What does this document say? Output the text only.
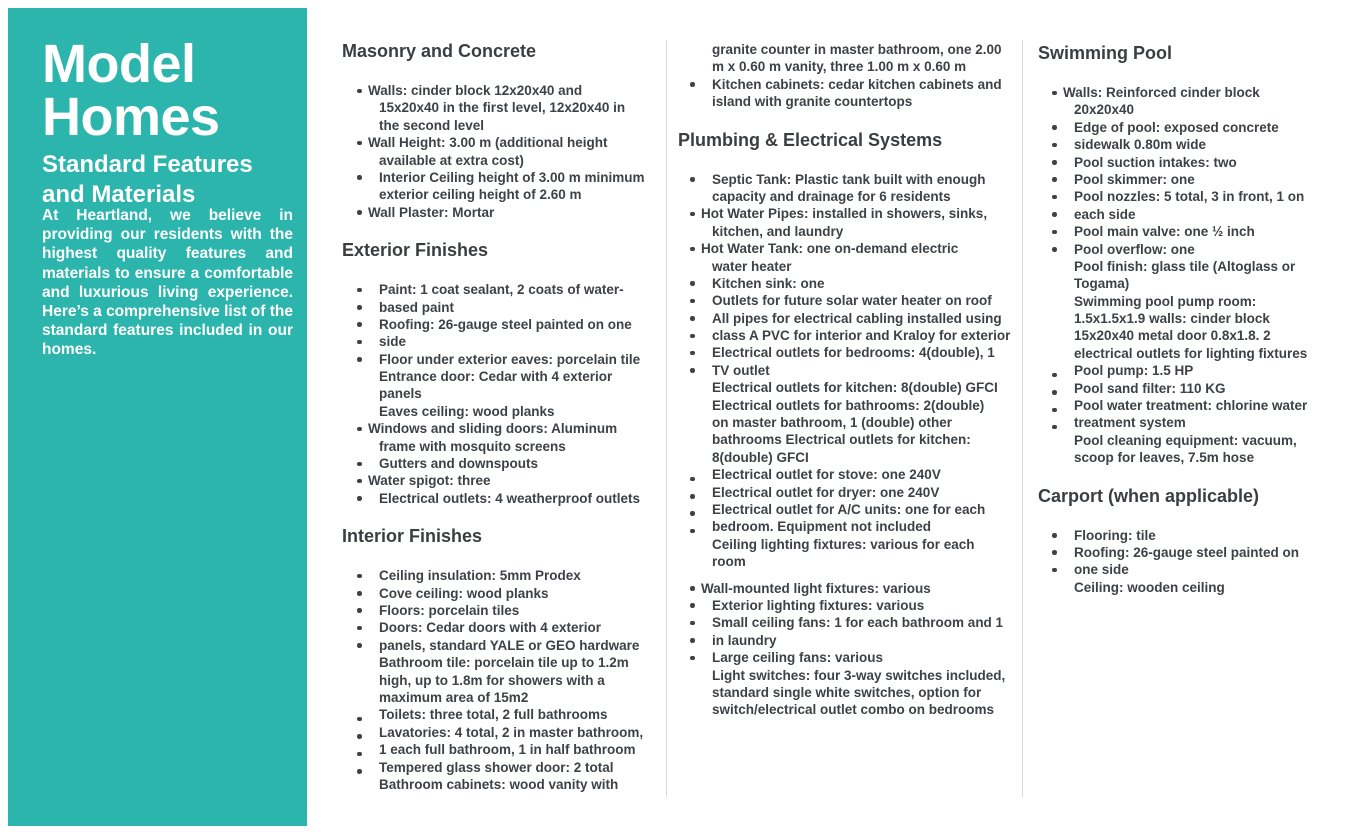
Model
Homes
Standard Features and Materials
At Heartland, we believe in providing our residents with the highest quality features and materials to ensure a comfortable and luxurious living experience. Here’s a comprehensive list of the standard features included in our homes.
Masonry and Concrete
Walls: cinder block 12x20x40 and
15x20x40 in the first level, 12x20x40 in
the second level
Wall Height: 3.00 m (additional height
available at extra cost)
Interior Ceiling height of 3.00 m minimum
exterior ceiling height of 2.60 m
Wall Plaster: Mortar
Exterior Finishes
Paint: 1 coat sealant, 2 coats of water-
based paint
Roofing: 26-gauge steel painted on one
side
Floor under exterior eaves: porcelain tile
Entrance door: Cedar with 4 exterior
panels
Eaves ceiling: wood planks
Windows and sliding doors: Aluminum
frame with mosquito screens
Gutters and downspouts
Water spigot: three
Electrical outlets: 4 weatherproof outlets
Interior Finishes
Ceiling insulation: 5mm Prodex
Cove ceiling: wood planks
Floors: porcelain tiles
Doors: Cedar doors with 4 exterior
panels, standard YALE or GEO hardware
Bathroom tile: porcelain tile up to 1.2m
high, up to 1.8m for showers with a
maximum area of 15m2
Toilets: three total, 2 full bathrooms
Lavatories: 4 total, 2 in master bathroom,
1 each full bathroom, 1 in half bathroom
Tempered glass shower door: 2 total
Bathroom cabinets: wood vanity with
granite counter in master bathroom, one 2.00
m x 0.60 m vanity, three 1.00 m x 0.60 m
Kitchen cabinets: cedar kitchen cabinets and
island with granite countertops
Plumbing & Electrical Systems
Septic Tank: Plastic tank built with enough
capacity and drainage for 6 residents
Hot Water Pipes: installed in showers, sinks,
kitchen, and laundry
Hot Water Tank: one on-demand electric
water heater
Kitchen sink: one
Outlets for future solar water heater on roof
All pipes for electrical cabling installed using
class A PVC for interior and Kraloy for exterior
Electrical outlets for bedrooms: 4(double), 1
TV outlet
Electrical outlets for kitchen: 8(double) GFCI
Electrical outlets for bathrooms: 2(double)
on master bathroom, 1 (double) other
bathrooms Electrical outlets for kitchen:
8(double) GFCI
Electrical outlet for stove: one 240V
Electrical outlet for dryer: one 240V
Electrical outlet for A/C units: one for each
bedroom. Equipment not included
Ceiling lighting fixtures: various for each
room
Wall-mounted light fixtures: various
Exterior lighting fixtures: various
Small ceiling fans: 1 for each bathroom and 1
in laundry
Large ceiling fans: various
Light switches: four 3-way switches included,
standard single white switches, option for
switch/electrical outlet combo on bedrooms
Swimming Pool
Walls: Reinforced cinder block
20x20x40
Edge of pool: exposed concrete
sidewalk 0.80m wide
Pool suction intakes: two
Pool skimmer: one
Pool nozzles: 5 total, 3 in front, 1 on
each side
Pool main valve: one ½ inch
Pool overflow: one
Pool finish: glass tile (Altoglass or
Togama)
Swimming pool pump room:
1.5x1.5x1.9 walls: cinder block
15x20x40 metal door 0.8x1.8. 2
electrical outlets for lighting fixtures
Pool pump: 1.5 HP
Pool sand filter: 110 KG
Pool water treatment: chlorine water
treatment system
Pool cleaning equipment: vacuum,
scoop for leaves, 7.5m hose
Carport (when applicable)
Flooring: tile
Roofing: 26-gauge steel painted on
one side
Ceiling: wooden ceiling
